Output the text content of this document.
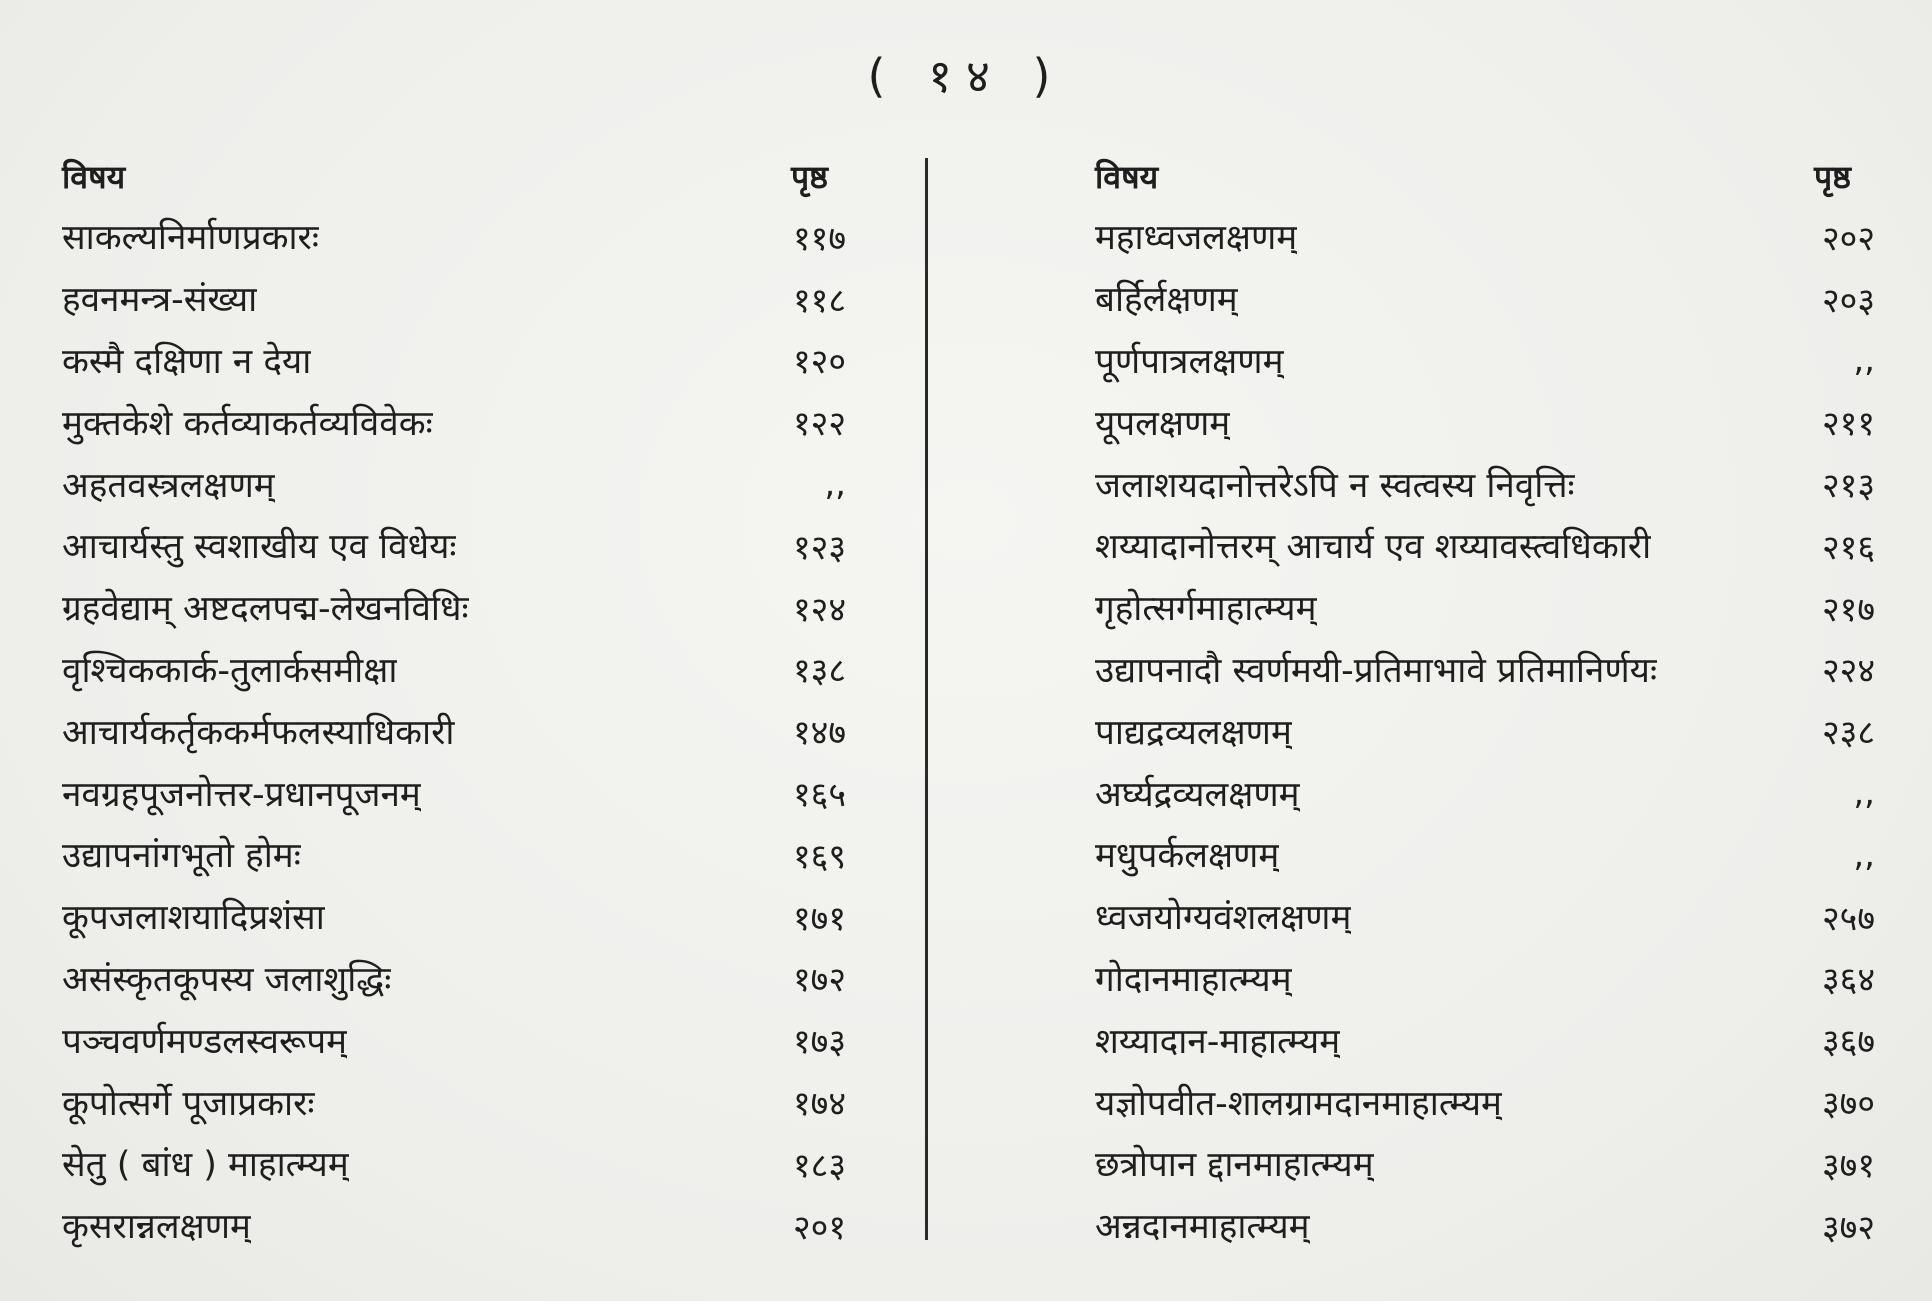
( १४ )
विषय	पृष्ठ
साकल्यनिर्माणप्रकारः	११७
हवनमन्त्र-संख्या	११८
कस्मै दक्षिणा न देया	१२०
मुक्तकेशे कर्तव्याकर्तव्यविवेकः	१२२
अहतवस्त्रलक्षणम्	,,
आचार्यस्तु स्वशाखीय एव विधेयः	१२३
ग्रहवेद्याम् अष्टदलपद्म-लेखनविधिः	१२४
वृश्चिककार्क-तुलार्कसमीक्षा	१३८
आचार्यकर्तृककर्मफलस्याधिकारी	१४७
नवग्रहपूजनोत्तर-प्रधानपूजनम्	१६५
उद्यापनांगभूतो होमः	१६९
कूपजलाशयादिप्रशंसा	१७१
असंस्कृतकूपस्य जलाशुद्धिः	१७२
पञ्चवर्णमण्डलस्वरूपम्	१७३
कूपोत्सर्गे पूजाप्रकारः	१७४
सेतु ( बांध ) माहात्म्यम्	१८३
कृसरान्नलक्षणम्	२०१
विषय	पृष्ठ
महाध्वजलक्षणम्	२०२
बर्हिर्लक्षणम्	२०३
पूर्णपात्रलक्षणम्	,,
यूपलक्षणम्	२११
जलाशयदानोत्तरेऽपि न स्वत्वस्य निवृत्तिः	२१३
शय्यादानोत्तरम् आचार्य एव शय्यावस्त्वधिकारी	२१६
गृहोत्सर्गमाहात्म्यम्	२१७
उद्यापनादौ स्वर्णमयी-प्रतिमाभावे प्रतिमानिर्णयः	२२४
पाद्यद्रव्यलक्षणम्	२३८
अर्घ्यद्रव्यलक्षणम्	,,
मधुपर्कलक्षणम्	,,
ध्वजयोग्यवंशलक्षणम्	२५७
गोदानमाहात्म्यम्	३६४
शय्यादान-माहात्म्यम्	३६७
यज्ञोपवीत-शालग्रामदानमाहात्म्यम्	३७०
छत्रोपान द्दानमाहात्म्यम्	३७१
अन्नदानमाहात्म्यम्	३७२
